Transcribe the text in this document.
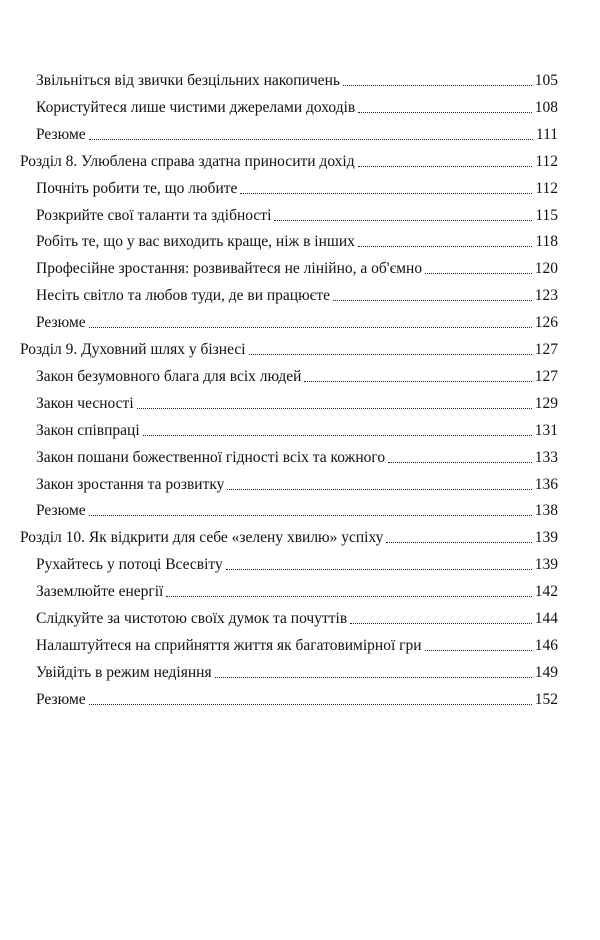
Звільніться від звички безцільних накопичень	105
Користуйтеся лише чистими джерелами доходів	108
Резюме	111
Розділ 8. Улюблена справа здатна приносити дохід	112
Почніть робити те, що любите	112
Розкрийте свої таланти та здібності	115
Робіть те, що у вас виходить краще, ніж в інших	118
Професійне зростання: розвивайтеся не лінійно, а об'ємно	120
Несіть світло та любов туди, де ви працюєте	123
Резюме	126
Розділ 9. Духовний шлях у бізнесі	127
Закон безумовного блага для всіх людей	127
Закон чесності	129
Закон співпраці	131
Закон пошани божественної гідності всіх та кожного	133
Закон зростання та розвитку	136
Резюме	138
Розділ 10. Як відкрити для себе «зелену хвилю» успіху	139
Рухайтесь у потоці Всесвіту	139
Заземлюйте енергії	142
Слідкуйте за чистотою своїх думок та почуттів	144
Налаштуйтеся на сприйняття життя як багатовимірної гри	146
Увійдіть в режим недіяння	149
Резюме	152
